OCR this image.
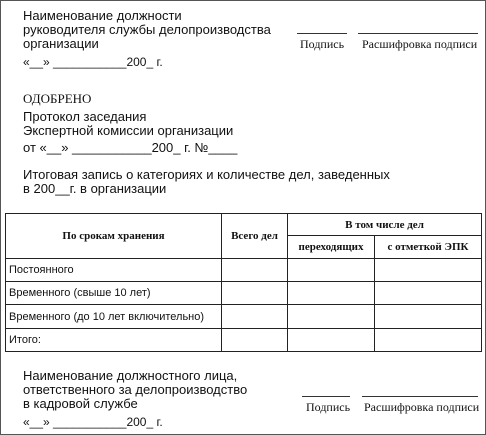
Наименование должности
руководителя службы делопроизводства
организации	Подпись Расшифровка подписи
«__» ___________200_ г.
ОДОБРЕНО
Протокол заседания
Экспертной комиссии организации
от «__» ___________200_ г. №____
Итоговая запись о категориях и количестве дел, заведенных
в 200__г. в организации
По срокам хранения	Всего дел	В том числе дел	
		переходящих	с отметкой ЭПК
Постоянного			
Временного (свыше 10 лет)			
Временного (до 10 лет включительно)			
Итого:			
Наименование должностного лица,
ответственного за делопроизводство
в кадровой службе	Подпись Расшифровка подписи
«__» ___________200_ г.
